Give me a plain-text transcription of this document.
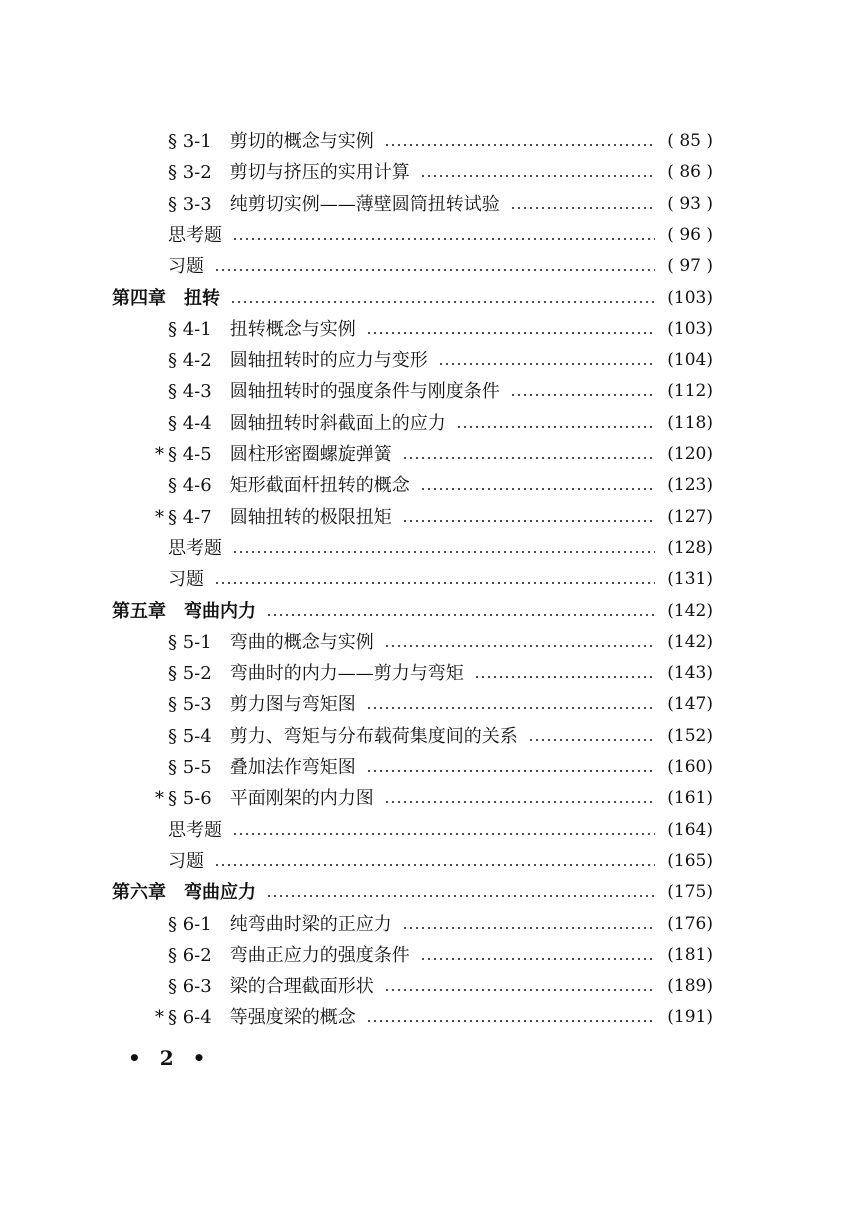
§ 3-1 剪切的概念与实例	( 85 )
§ 3-2 剪切与挤压的实用计算	( 86 )
§ 3-3 纯剪切实例——薄壁圆筒扭转试验	( 93 )
思考题	( 96 )
习题	( 97 )
第四章 扭转	(103)
§ 4-1 扭转概念与实例	(103)
§ 4-2 圆轴扭转时的应力与变形	(104)
§ 4-3 圆轴扭转时的强度条件与刚度条件	(112)
§ 4-4 圆轴扭转时斜截面上的应力	(118)
* § 4-5 圆柱形密圈螺旋弹簧	(120)
§ 4-6 矩形截面杆扭转的概念	(123)
* § 4-7 圆轴扭转的极限扭矩	(127)
思考题	(128)
习题	(131)
第五章 弯曲内力	(142)
§ 5-1 弯曲的概念与实例	(142)
§ 5-2 弯曲时的内力——剪力与弯矩	(143)
§ 5-3 剪力图与弯矩图	(147)
§ 5-4 剪力、弯矩与分布载荷集度间的关系	(152)
§ 5-5 叠加法作弯矩图	(160)
* § 5-6 平面刚架的内力图	(161)
思考题	(164)
习题	(165)
第六章 弯曲应力	(175)
§ 6-1 纯弯曲时梁的正应力	(176)
§ 6-2 弯曲正应力的强度条件	(181)
§ 6-3 梁的合理截面形状	(189)
* § 6-4 等强度梁的概念	(191)
• 2 •
